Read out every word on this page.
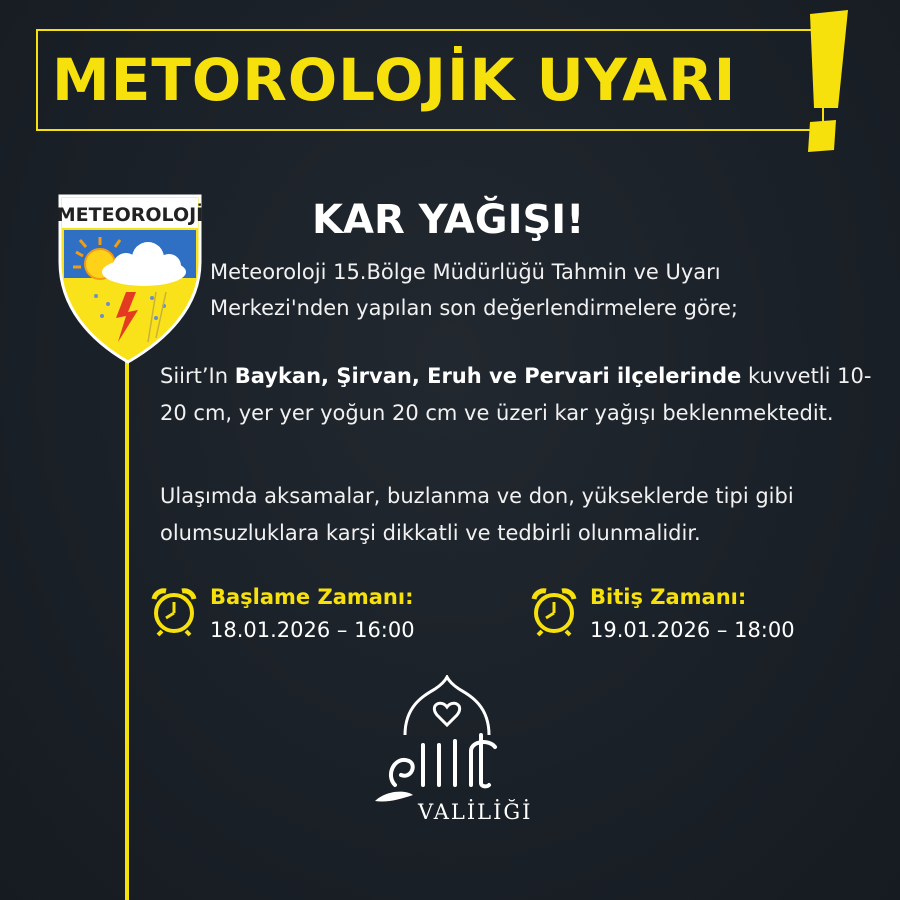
METOROLOJİK UYARI
METEOROLOJİ	KAR YAĞIŞI!
Meteoroloji 15.Bölge Müdürlüğü Tahmin ve Uyarı Merkezi'nden yapılan son değerlendirmelere göre;
Siirt’In Baykan, Şirvan, Eruh ve Pervari ilçelerinde kuvvetli 10-20 cm, yer yer yoğun 20 cm ve üzeri kar yağışı beklenmektedit.
Ulaşımda aksamalar, buzlanma ve don, yükseklerde tipi gibi olumsuzluklara karşi dikkatli ve tedbirli olunmalidir.
Başlame Zamanı:
18.01.2026 – 16:00
Bitiş Zamanı:
19.01.2026 – 18:00
VALİLİĞİ
